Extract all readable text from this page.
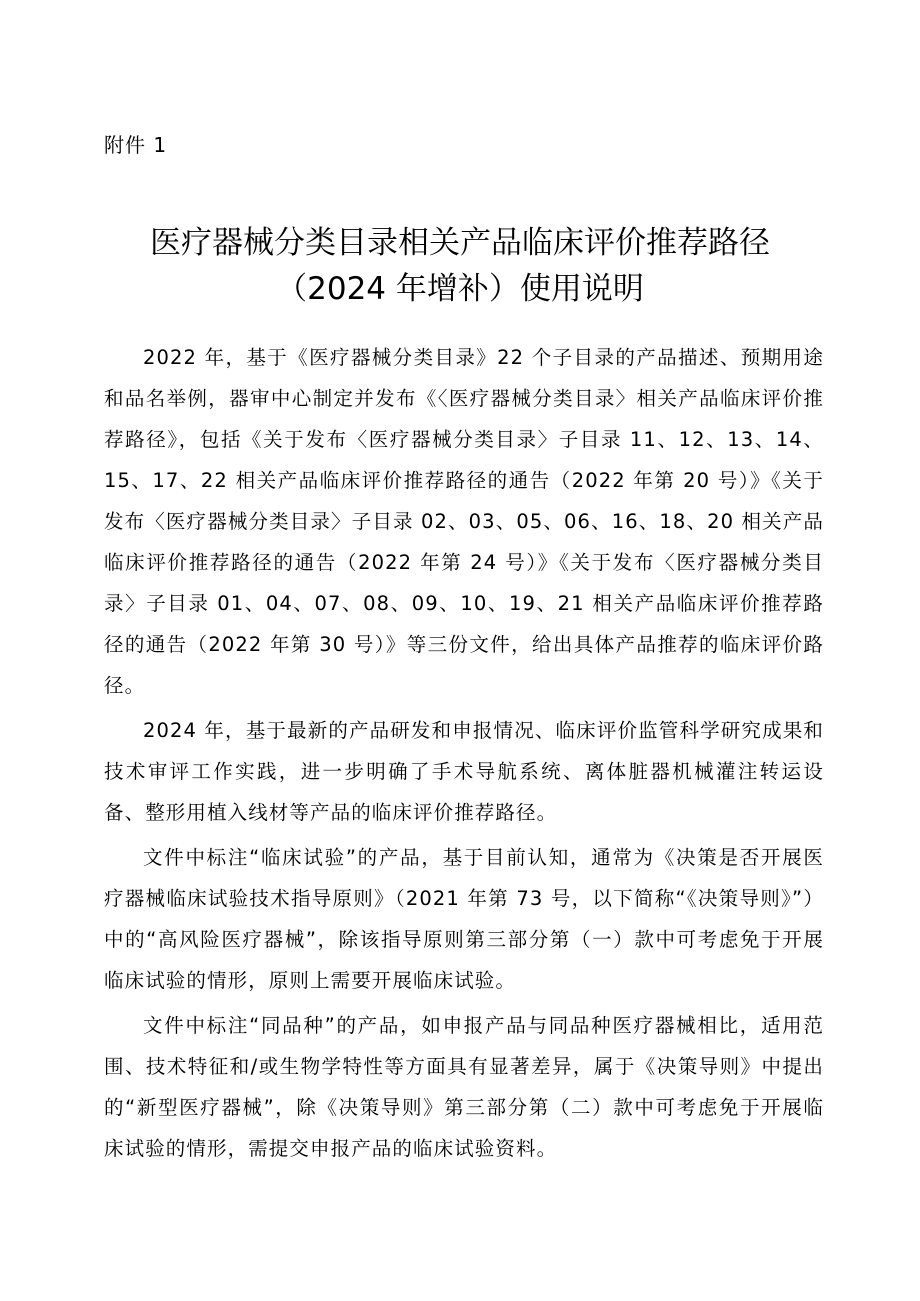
附件 1
医疗器械分类目录相关产品临床评价推荐路径
（2024 年增补）使用说明

2022 年，基于《医疗器械分类目录》22 个子目录的产品描述、预期用途和品名举例，器审中心制定并发布《〈医疗器械分类目录〉相关产品临床评价推荐路径》，包括《关于发布〈医疗器械分类目录〉子目录 11、12、13、14、15、17、22 相关产品临床评价推荐路径的通告（2022 年第 20 号）》《关于发布〈医疗器械分类目录〉子目录 02、03、05、06、16、18、20 相关产品临床评价推荐路径的通告（2022 年第 24 号）》《关于发布〈医疗器械分类目录〉子目录 01、04、07、08、09、10、19、21 相关产品临床评价推荐路径的通告（2022 年第 30 号）》等三份文件，给出具体产品推荐的临床评价路径。

2024 年，基于最新的产品研发和申报情况、临床评价监管科学研究成果和技术审评工作实践，进一步明确了手术导航系统、离体脏器机械灌注转运设备、整形用植入线材等产品的临床评价推荐路径。

文件中标注“临床试验”的产品，基于目前认知，通常为《决策是否开展医疗器械临床试验技术指导原则》（2021 年第 73 号，以下简称“《决策导则》”）中的“高风险医疗器械”，除该指导原则第三部分第（一）款中可考虑免于开展临床试验的情形，原则上需要开展临床试验。

文件中标注“同品种”的产品，如申报产品与同品种医疗器械相比，适用范围、技术特征和/或生物学特性等方面具有显著差异，属于《决策导则》中提出的“新型医疗器械”，除《决策导则》第三部分第（二）款中可考虑免于开展临床试验的情形，需提交申报产品的临床试验资料。
